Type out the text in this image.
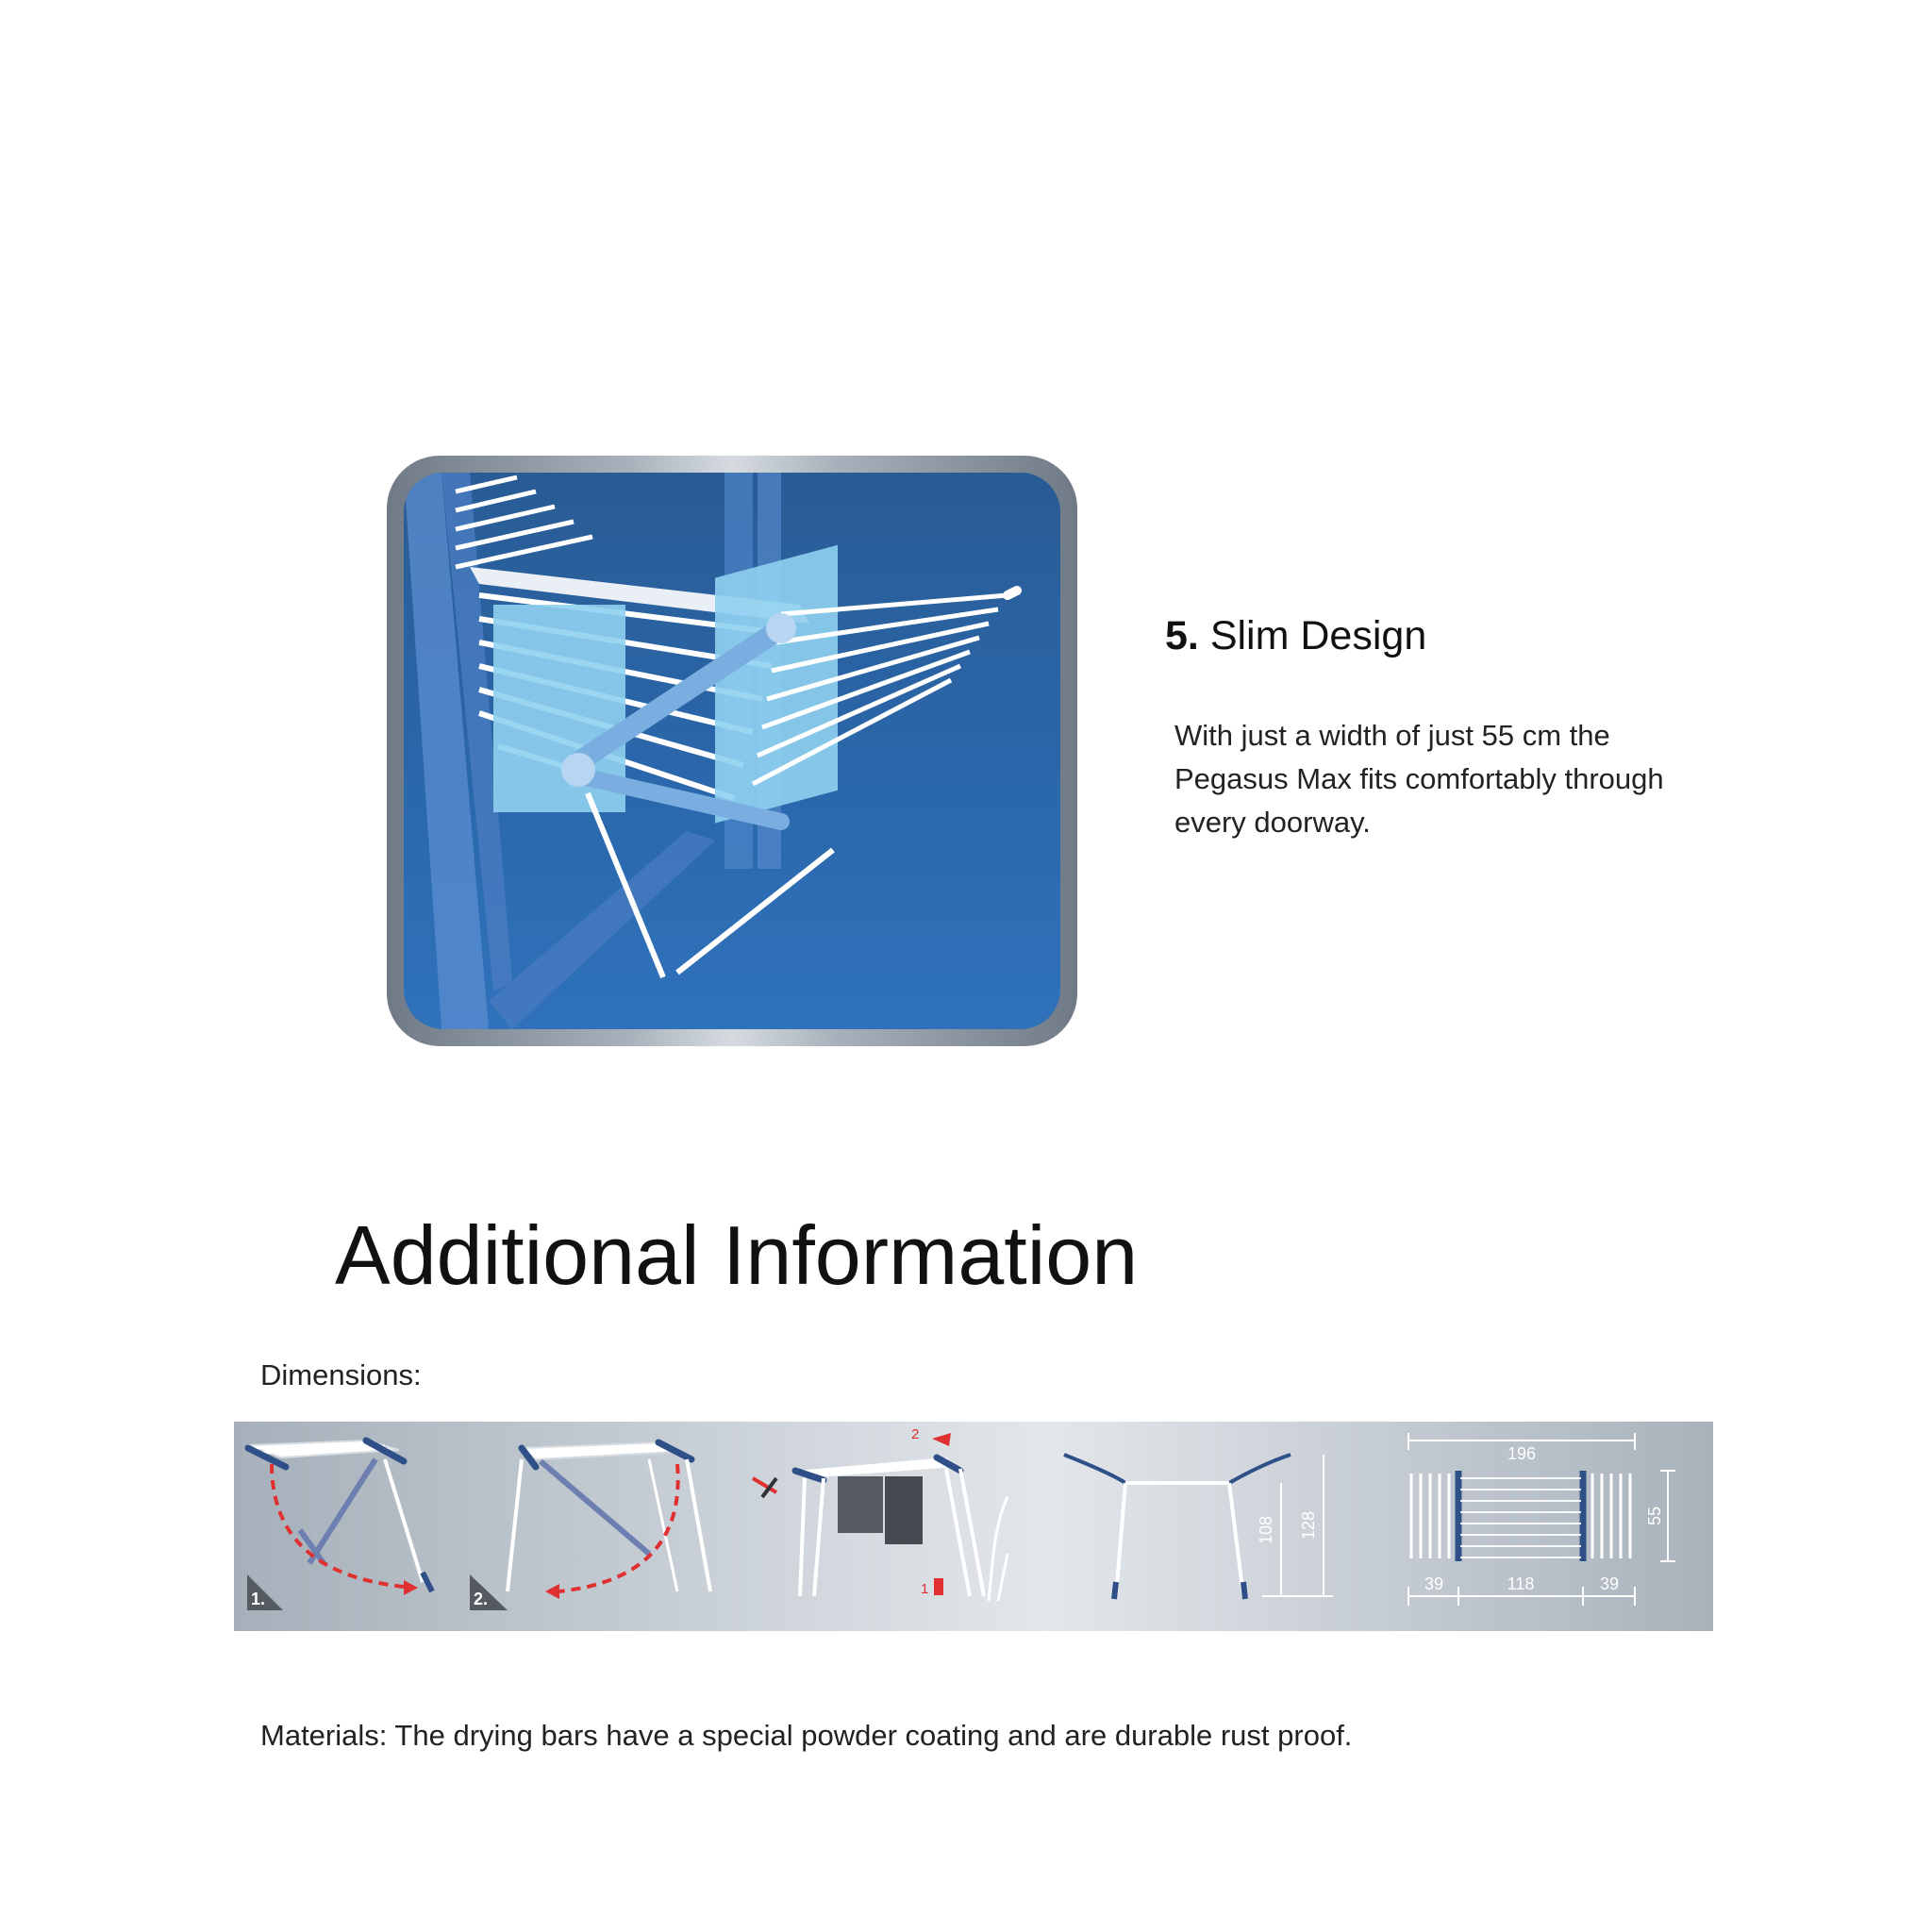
5. Slim Design
With just a width of just 55 cm the Pegasus Max fits comfortably through every doorway.
Additional Information
Dimensions:
1.	2.
2
1
108 128
196
55
39	118	39
Materials: The drying bars have a special powder coating and are durable rust proof.
